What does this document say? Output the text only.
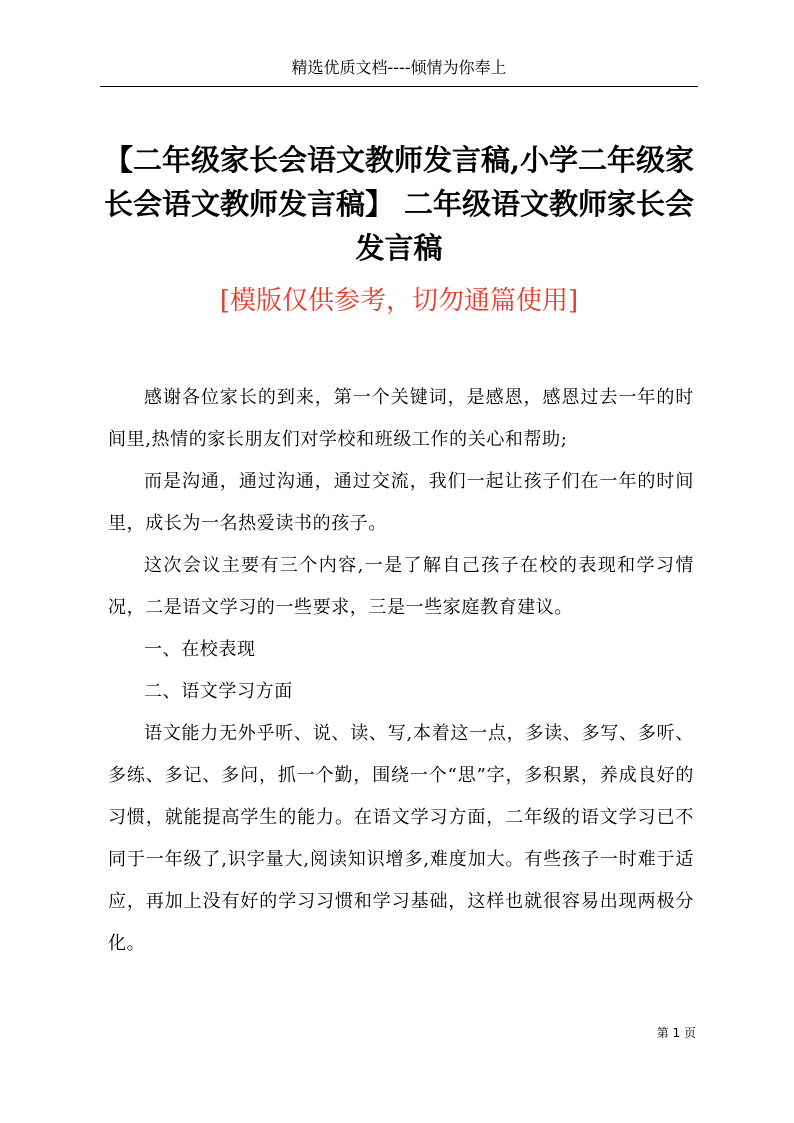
精选优质文档----倾情为你奉上
【二年级家长会语文教师发言稿,小学二年级家长会语文教师发言稿】 二年级语文教师家长会发言稿
[模版仅供参考，切勿通篇使用]

感谢各位家长的到来，第一个关键词，是感恩，感恩过去一年的时间里,热情的家长朋友们对学校和班级工作的关心和帮助;

而是沟通，通过沟通，通过交流，我们一起让孩子们在一年的时间里，成长为一名热爱读书的孩子。

这次会议主要有三个内容,一是了解自己孩子在校的表现和学习情况，二是语文学习的一些要求，三是一些家庭教育建议。

一、在校表现

二、语文学习方面

语文能力无外乎听、说、读、写,本着这一点，多读、多写、多听、多练、多记、多问，抓一个勤，围绕一个“思”字，多积累，养成良好的习惯，就能提高学生的能力。在语文学习方面，二年级的语文学习已不同于一年级了,识字量大,阅读知识增多,难度加大。有些孩子一时难于适应，再加上没有好的学习习惯和学习基础，这样也就很容易出现两极分化。

第 1 页
